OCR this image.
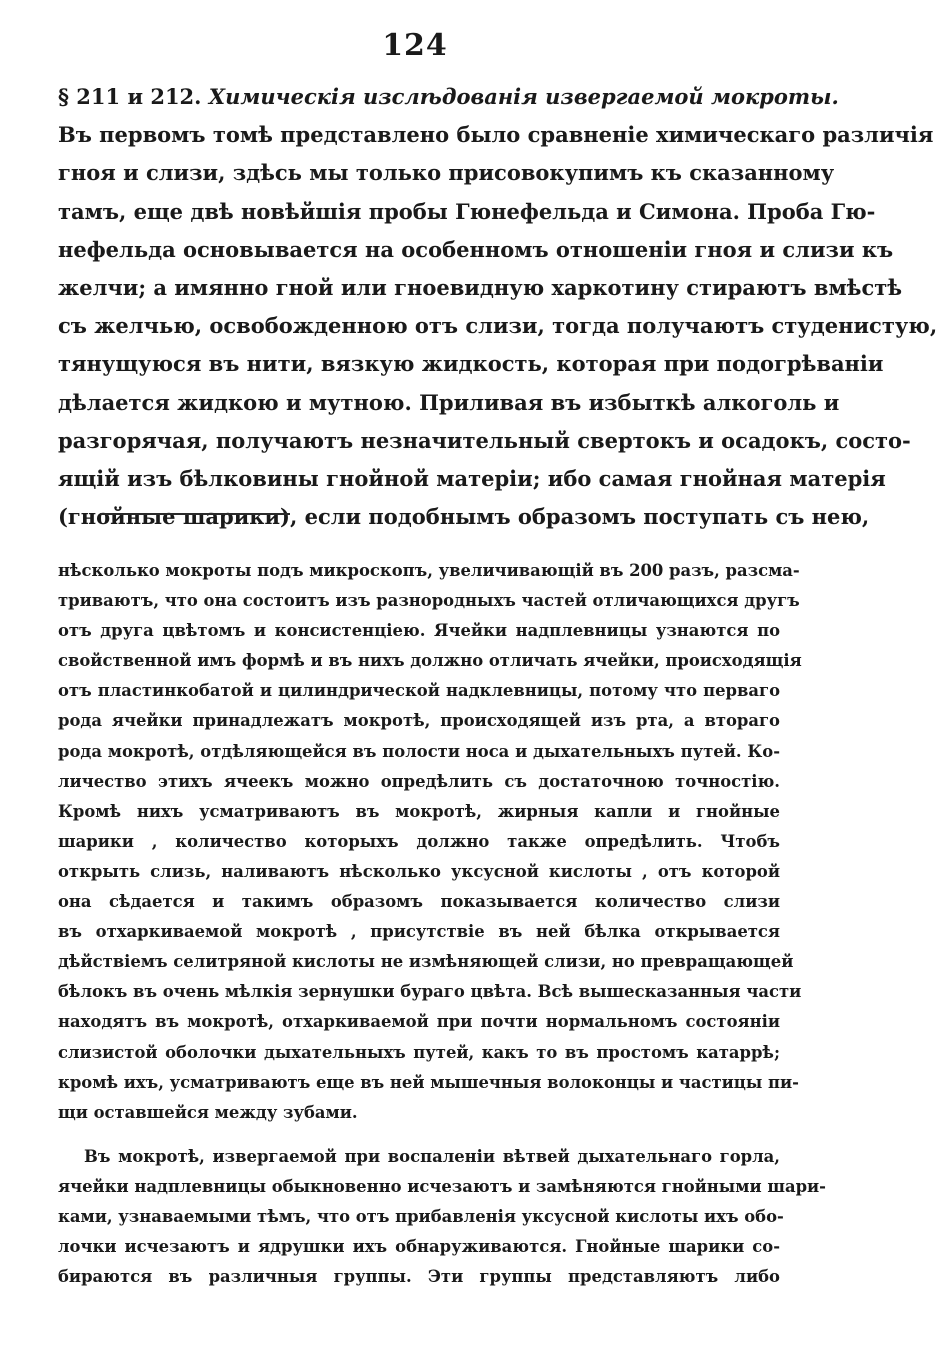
124
§ 211 и 212. Химическія изслѣдованія извергаемой мокроты.
Въ первомъ томѣ представлено было сравненіе химическаго различія
гноя и слизи, здѣсь мы только присовокупимъ къ сказанному
тамъ, еще двѣ новѣйшія пробы Гюнефельда и Симона. Проба Гю-
нефельда основывается на особенномъ отношеніи гноя и слизи къ
желчи; а имянно гной или гноевидную харкотину стираютъ вмѣстѣ
съ желчью, освобожденною отъ слизи, тогда получаютъ студенистую,
тянущуюся въ нити, вязкую жидкость, которая при подогрѣваніи
дѣлается жидкою и мутною. Приливая въ избыткѣ алкоголь и
разгорячая, получаютъ незначительный свертокъ и осадокъ, состо-
ящій изъ бѣлковины гнойной матеріи; ибо самая гнойная матерія
(гнойные шарики), если подобнымъ образомъ поступать съ нею,
нѣсколько мокроты подъ микроскопъ, увеличивающій въ 200 разъ, разсма-
триваютъ, что она состоитъ изъ разнородныхъ частей отличающихся другъ
отъ друга цвѣтомъ и консистенціею. Ячейки надплевницы узнаются по
свойственной имъ формѣ и въ нихъ должно отличать ячейки, происходящія
отъ пластинкобатой и цилиндрической надклевницы, потому что перваго
рода ячейки принадлежатъ мокротѣ, происходящей изъ рта, а втораго
рода мокротѣ, отдѣляющейся въ полости носа и дыхательныхъ путей. Ко-
личество этихъ ячеекъ можно опредѣлить съ достаточною точностію.
Кромѣ нихъ усматриваютъ въ мокротѣ, жирныя капли и гнойные
шарики , количество которыхъ должно также опредѣлить. Чтобъ
открыть слизь, наливаютъ нѣсколько уксусной кислоты , отъ которой
она сѣдается и такимъ образомъ показывается количество слизи
въ отхаркиваемой мокротѣ , присутствіе въ ней бѣлка открывается
дѣйствіемъ селитряной кислоты не измѣняющей слизи, но превращающей
бѣлокъ въ очень мѣлкія зернушки бураго цвѣта. Всѣ вышесказанныя части
находятъ въ мокротѣ, отхаркиваемой при почти нормальномъ состояніи
слизистой оболочки дыхательныхъ путей, какъ то въ простомъ катаррѣ;
кромѣ ихъ, усматриваютъ еще въ ней мышечныя волоконцы и частицы пи-
щи оставшейся между зубами.
Въ мокротѣ, извергаемой при воспаленіи вѣтвей дыхательнаго горла,
ячейки надплевницы обыкновенно исчезаютъ и замѣняются гнойными шари-
ками, узнаваемыми тѣмъ, что отъ прибавленія уксусной кислоты ихъ обо-
лочки исчезаютъ и ядрушки ихъ обнаруживаются. Гнойные шарики со-
бираются въ различныя группы. Эти группы представляютъ либо
